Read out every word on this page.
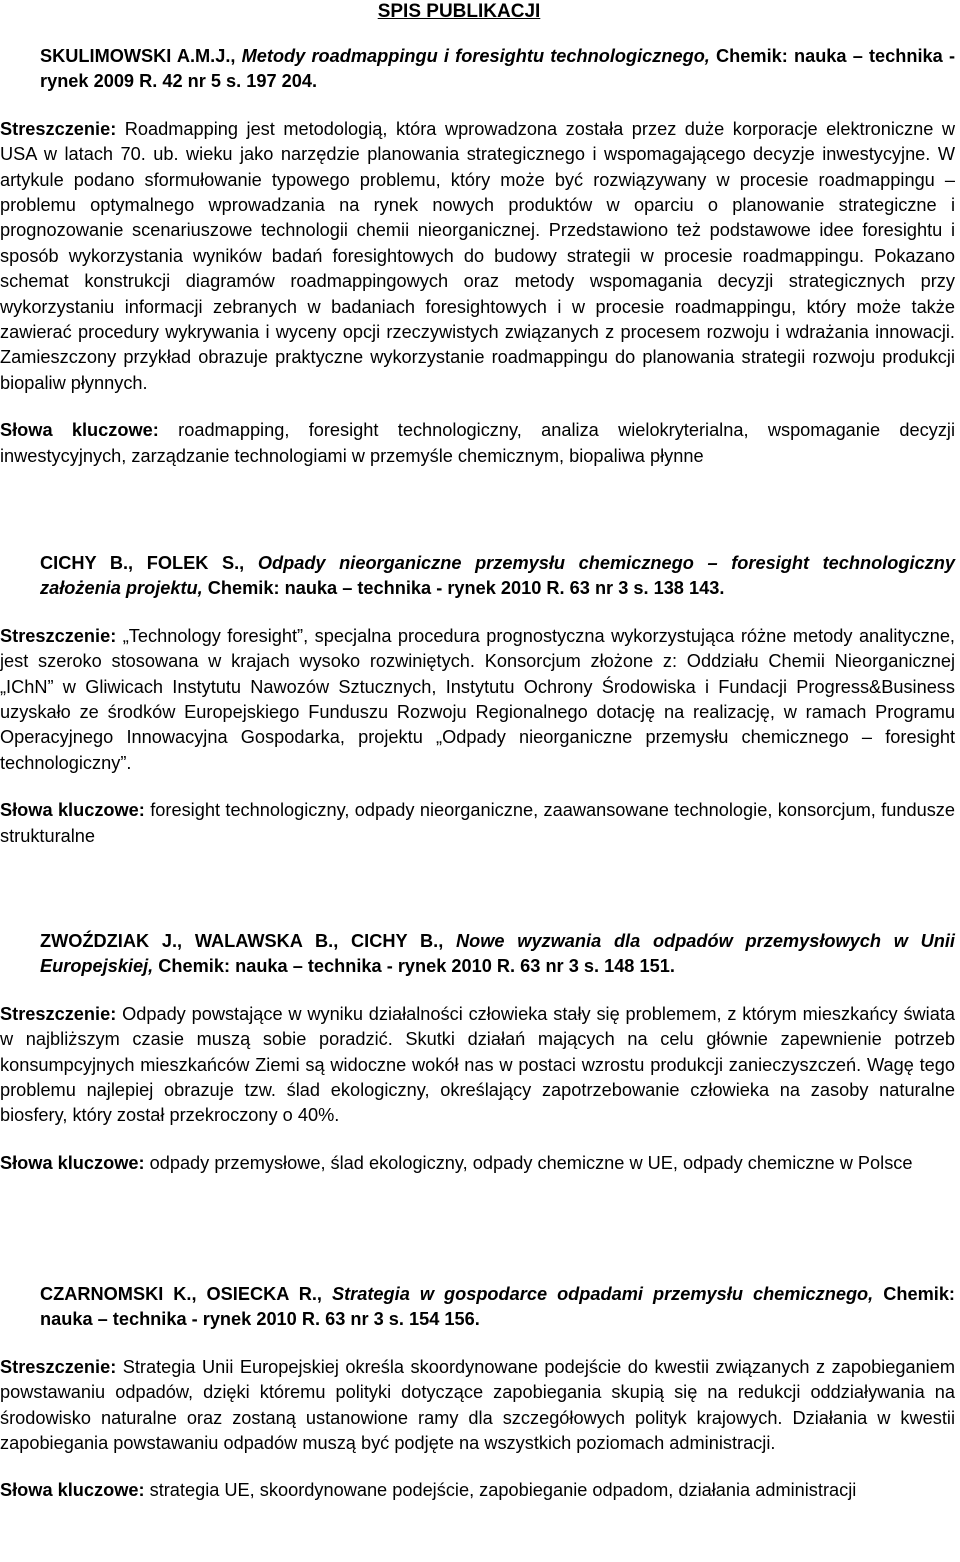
SPIS PUBLIKACJI

SKULIMOWSKI A.M.J., Metody roadmappingu i foresightu technologicznego, Chemik: nauka – technika - rynek 2009 R. 42 nr 5 s. 197 204.

Streszczenie: Roadmapping jest metodologią, która wprowadzona została przez duże korporacje elektroniczne w USA w latach 70. ub. wieku jako narzędzie planowania strategicznego i wspomagającego decyzje inwestycyjne. W artykule podano sformułowanie typowego problemu, który może być rozwiązywany w procesie roadmappingu – problemu optymalnego wprowadzania na rynek nowych produktów w oparciu o planowanie strategiczne i prognozowanie scenariuszowe technologii chemii nieorganicznej. Przedstawiono też podstawowe idee foresightu i sposób wykorzystania wyników badań foresightowych do budowy strategii w procesie roadmappingu. Pokazano schemat konstrukcji diagramów roadmappingowych oraz metody wspomagania decyzji strategicznych przy wykorzystaniu informacji zebranych w badaniach foresightowych i w procesie roadmappingu, który może także zawierać procedury wykrywania i wyceny opcji rzeczywistych związanych z procesem rozwoju i wdrażania innowacji. Zamieszczony przykład obrazuje praktyczne wykorzystanie roadmappingu do planowania strategii rozwoju produkcji biopaliw płynnych.

Słowa kluczowe: roadmapping, foresight technologiczny, analiza wielokryterialna, wspomaganie decyzji inwestycyjnych, zarządzanie technologiami w przemyśle chemicznym, biopaliwa płynne

CICHY B., FOLEK S., Odpady nieorganiczne przemysłu chemicznego – foresight technologiczny założenia projektu, Chemik: nauka – technika - rynek 2010 R. 63 nr 3 s. 138 143.

Streszczenie: „Technology foresight”, specjalna procedura prognostyczna wykorzystująca różne metody analityczne, jest szeroko stosowana w krajach wysoko rozwiniętych. Konsorcjum złożone z: Oddziału Chemii Nieorganicznej „IChN” w Gliwicach Instytutu Nawozów Sztucznych, Instytutu Ochrony Środowiska i Fundacji Progress&Business uzyskało ze środków Europejskiego Funduszu Rozwoju Regionalnego dotację na realizację, w ramach Programu Operacyjnego Innowacyjna Gospodarka, projektu „Odpady nieorganiczne przemysłu chemicznego – foresight technologiczny”.

Słowa kluczowe: foresight technologiczny, odpady nieorganiczne, zaawansowane technologie, konsorcjum, fundusze strukturalne

ZWOŹDZIAK J., WALAWSKA B., CICHY B., Nowe wyzwania dla odpadów przemysłowych w Unii Europejskiej, Chemik: nauka – technika - rynek 2010 R. 63 nr 3 s. 148 151.

Streszczenie: Odpady powstające w wyniku działalności człowieka stały się problemem, z którym mieszkańcy świata w najbliższym czasie muszą sobie poradzić. Skutki działań mających na celu głównie zapewnienie potrzeb konsumpcyjnych mieszkańców Ziemi są widoczne wokół nas w postaci wzrostu produkcji zanieczyszczeń. Wagę tego problemu najlepiej obrazuje tzw. ślad ekologiczny, określający zapotrzebowanie człowieka na zasoby naturalne biosfery, który został przekroczony o 40%.

Słowa kluczowe: odpady przemysłowe, ślad ekologiczny, odpady chemiczne w UE, odpady chemiczne w Polsce

CZARNOMSKI K., OSIECKA R., Strategia w gospodarce odpadami przemysłu chemicznego, Chemik: nauka – technika - rynek 2010 R. 63 nr 3 s. 154 156.

Streszczenie: Strategia Unii Europejskiej określa skoordynowane podejście do kwestii związanych z zapobieganiem powstawaniu odpadów, dzięki któremu polityki dotyczące zapobiegania skupią się na redukcji oddziaływania na środowisko naturalne oraz zostaną ustanowione ramy dla szczegółowych polityk krajowych. Działania w kwestii zapobiegania powstawaniu odpadów muszą być podjęte na wszystkich poziomach administracji.

Słowa kluczowe: strategia UE, skoordynowane podejście, zapobieganie odpadom, działania administracji
